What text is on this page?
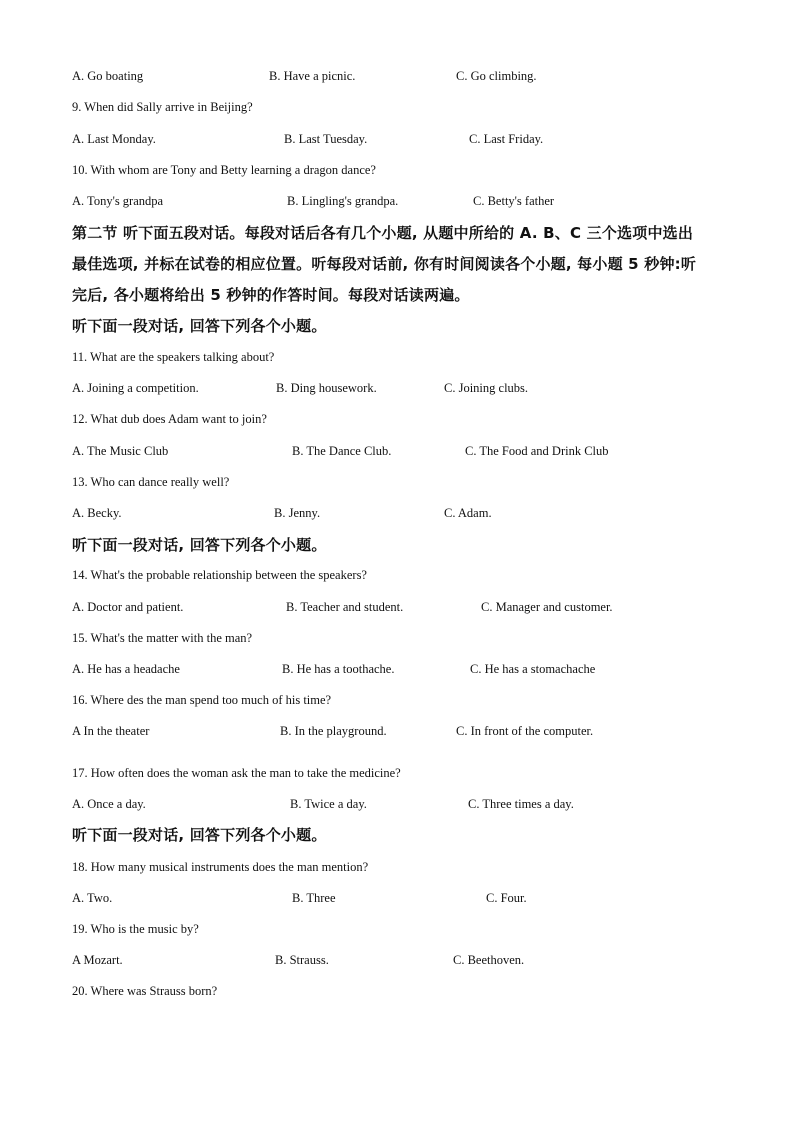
A. Go boating	B. Have a picnic.	C. Go climbing.
9. When did Sally arrive in Beijing?
A. Last Monday.	B. Last Tuesday.	C. Last Friday.
10. With whom are Tony and Betty learning a dragon dance?
A. Tony's grandpa	B. Lingling's grandpa.	C. Betty's father
第二节 听下面五段对话。每段对话后各有几个小题, 从题中所给的 A. B、C 三个选项中选出
最佳选项, 并标在试卷的相应位置。听每段对话前, 你有时间阅读各个小题, 每小题 5 秒钟:听
完后, 各小题将给出 5 秒钟的作答时间。每段对话读两遍。
听下面一段对话, 回答下列各个小题。
11. What are the speakers talking about?
A. Joining a competition.	B. Ding housework.	C. Joining clubs.
12. What dub does Adam want to join?
A. The Music Club	B. The Dance Club.	C. The Food and Drink Club
13. Who can dance really well?
A. Becky.	B. Jenny.	C. Adam.
听下面一段对话, 回答下列各个小题。
14. What's the probable relationship between the speakers?
A. Doctor and patient.	B. Teacher and student.	C. Manager and customer.
15. What's the matter with the man?
A. He has a headache	B. He has a toothache.	C. He has a stomachache
16. Where des the man spend too much of his time?
A In the theater	B. In the playground.	C. In front of the computer.
17. How often does the woman ask the man to take the medicine?
A. Once a day.	B. Twice a day.	C. Three times a day.
听下面一段对话, 回答下列各个小题。
18. How many musical instruments does the man mention?
A. Two.	B. Three	C. Four.
19. Who is the music by?
A Mozart.	B. Strauss.	C. Beethoven.
20. Where was Strauss born?
